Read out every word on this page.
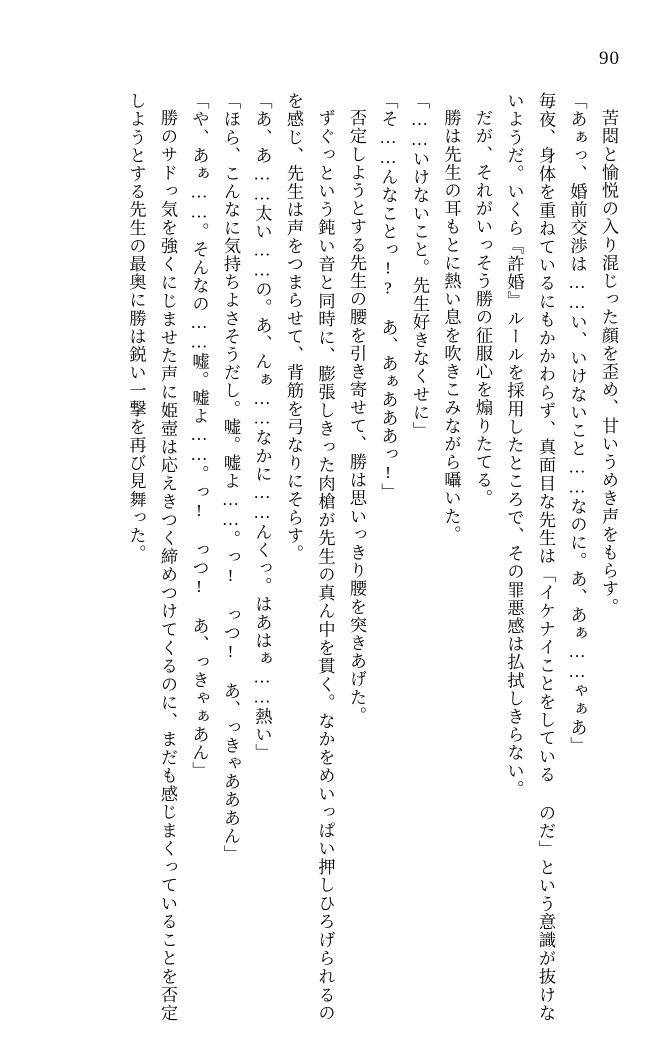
90
苦悶と愉悦の入り混じった顔を歪め、甘いうめき声をもらす。
「あぁっ、婚前交渉は……い、いけないこと……なのに。あ、あぁ……ゃぁあ」
毎夜、身体を重ねているにもかかわらず、真面目な先生は「イケナイことをしている のだ」という意識が抜けないようだ。いくら『許婚』ルールを採用したところで、その罪悪感は払拭しきらない。
だが、それがいっそう勝の征服心を煽りたてる。
勝は先生の耳もとに熱い息を吹きこみながら囁いた。
「……いけないこと。先生好きなくせに」
「そ……んなことっ!? あ、あぁあああっ!」
否定しようとする先生の腰を引き寄せて、勝は思いっきり腰を突きあげた。
ずぐっという鈍い音と同時に、膨張しきった肉槍が先生の真ん中を貫く。なかをめいっぱい押しひろげられるのを感じ、先生は声をつまらせて、背筋を弓なりにそらす。
「あ、あ……太い……の。あ、んぁ……なかに……んくっ。はあはぁ……熱い」
「ほら、こんなに気持ちよさそうだし。嘘。嘘よ……。っ! っつ! あ、っきゃあああん」
「や、あぁ……。そんなの……嘘。嘘よ……。っ! っつ! あ、っきゃぁあん」
勝のサドっ気を強くにじませた声に姫壺は応えきつく締めつけてくるのに、まだも感じまくっていることを否定しようとする先生の最奥に勝は鋭い一撃を再び見舞った。
